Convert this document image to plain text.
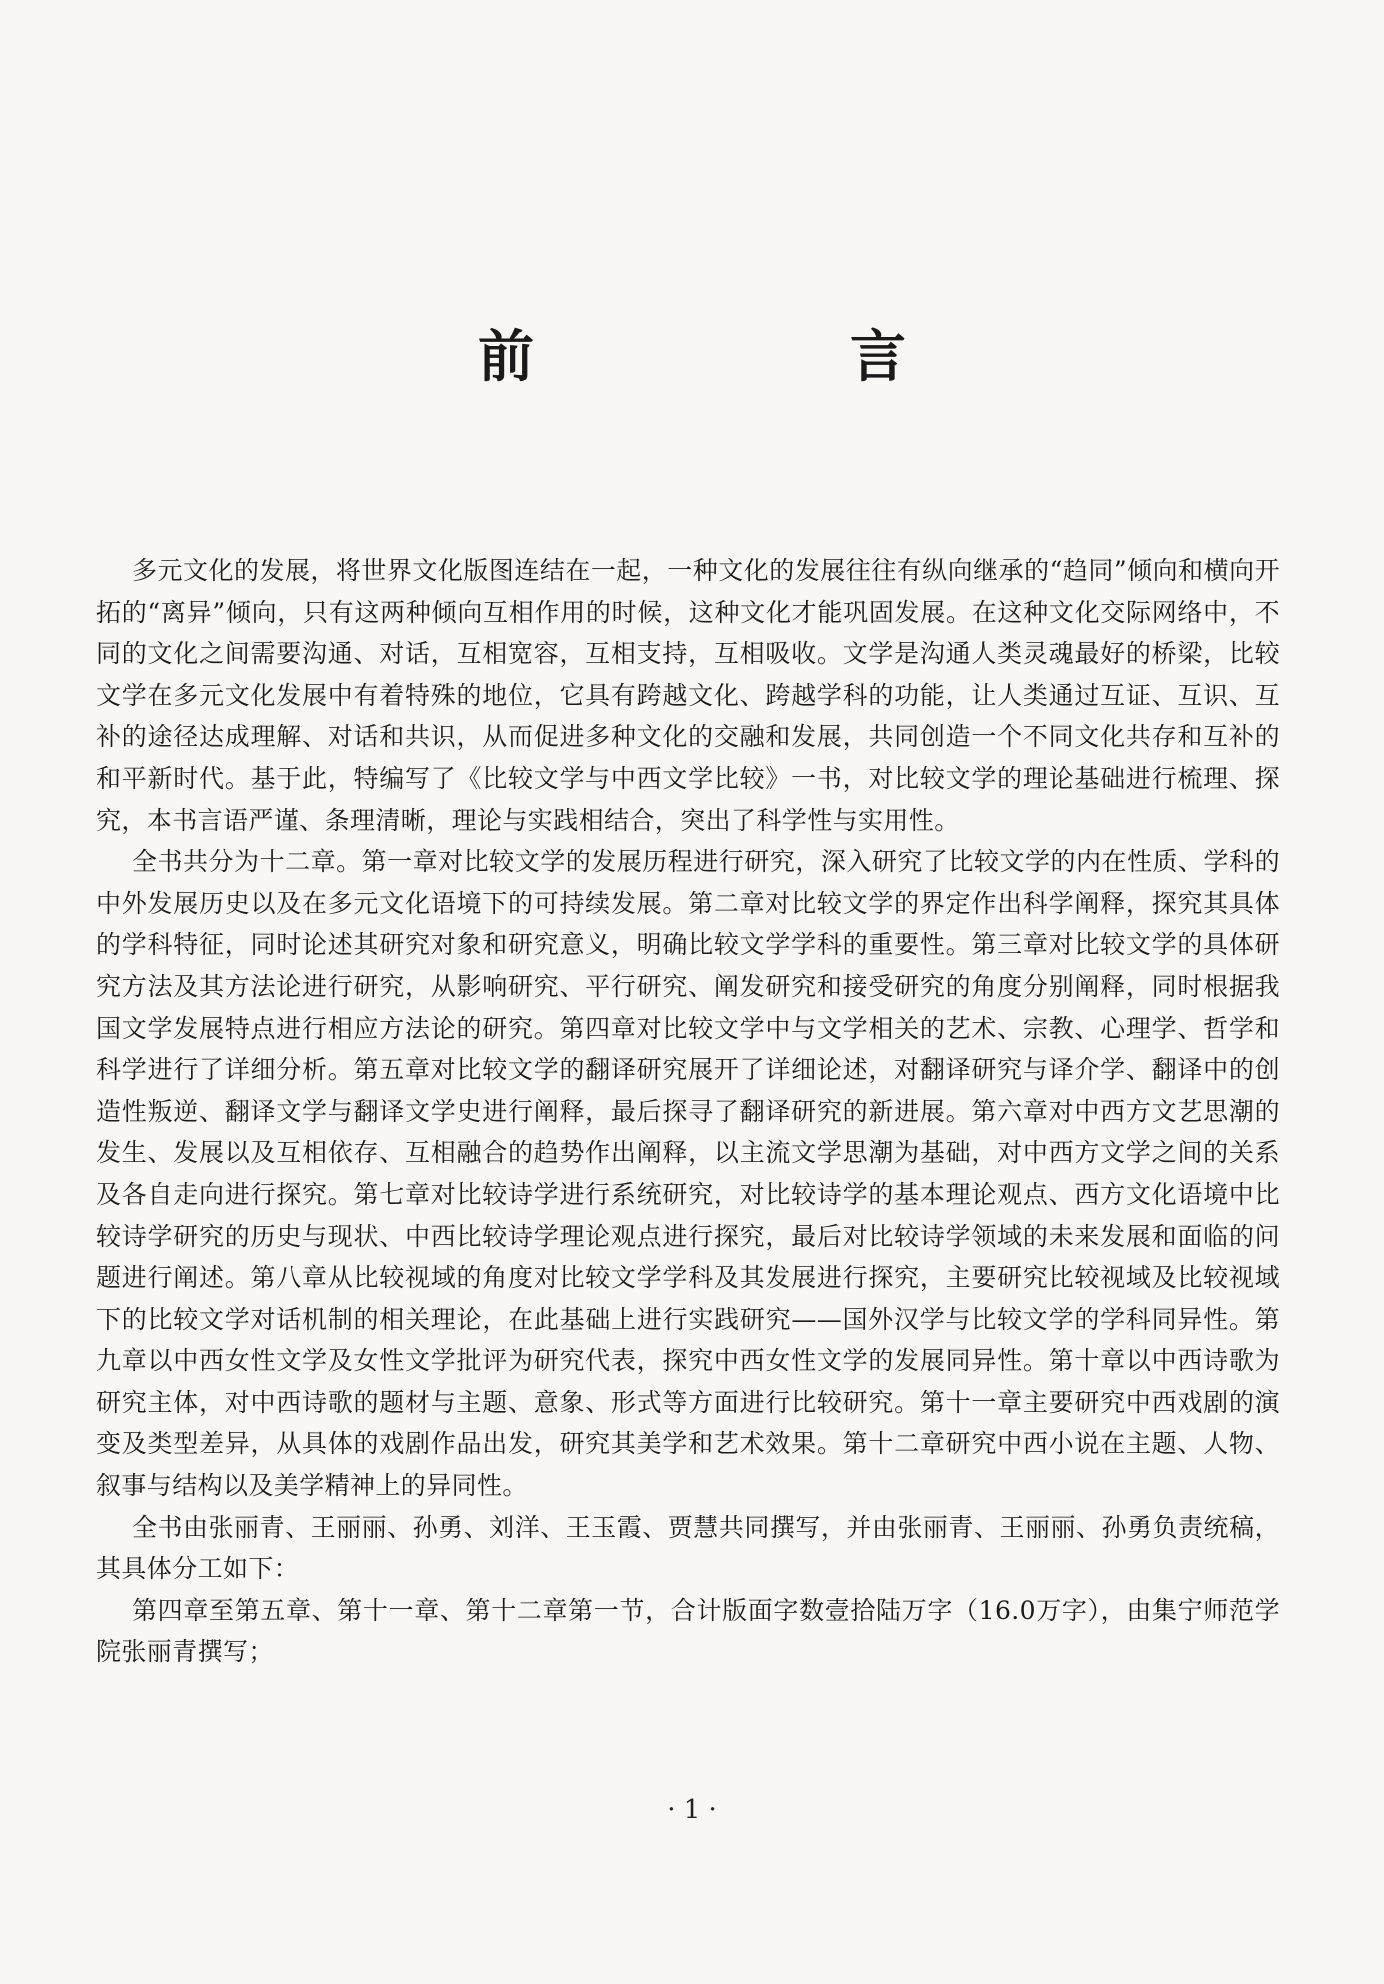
前　言

多元文化的发展，将世界文化版图连结在一起，一种文化的发展往往有纵向继承的“趋同”倾向和横向开拓的“离异”倾向，只有这两种倾向互相作用的时候，这种文化才能巩固发展。在这种文化交际网络中，不同的文化之间需要沟通、对话，互相宽容，互相支持，互相吸收。文学是沟通人类灵魂最好的桥梁，比较文学在多元文化发展中有着特殊的地位，它具有跨越文化、跨越学科的功能，让人类通过互证、互识、互补的途径达成理解、对话和共识，从而促进多种文化的交融和发展，共同创造一个不同文化共存和互补的和平新时代。基于此，特编写了《比较文学与中西文学比较》一书，对比较文学的理论基础进行梳理、探究，本书言语严谨、条理清晰，理论与实践相结合，突出了科学性与实用性。

全书共分为十二章。第一章对比较文学的发展历程进行研究，深入研究了比较文学的内在性质、学科的中外发展历史以及在多元文化语境下的可持续发展。第二章对比较文学的界定作出科学阐释，探究其具体的学科特征，同时论述其研究对象和研究意义，明确比较文学学科的重要性。第三章对比较文学的具体研究方法及其方法论进行研究，从影响研究、平行研究、阐发研究和接受研究的角度分别阐释，同时根据我国文学发展特点进行相应方法论的研究。第四章对比较文学中与文学相关的艺术、宗教、心理学、哲学和科学进行了详细分析。第五章对比较文学的翻译研究展开了详细论述，对翻译研究与译介学、翻译中的创造性叛逆、翻译文学与翻译文学史进行阐释，最后探寻了翻译研究的新进展。第六章对中西方文艺思潮的发生、发展以及互相依存、互相融合的趋势作出阐释，以主流文学思潮为基础，对中西方文学之间的关系及各自走向进行探究。第七章对比较诗学进行系统研究，对比较诗学的基本理论观点、西方文化语境中比较诗学研究的历史与现状、中西比较诗学理论观点进行探究，最后对比较诗学领域的未来发展和面临的问题进行阐述。第八章从比较视域的角度对比较文学学科及其发展进行探究，主要研究比较视域及比较视域下的比较文学对话机制的相关理论，在此基础上进行实践研究——国外汉学与比较文学的学科同异性。第九章以中西女性文学及女性文学批评为研究代表，探究中西女性文学的发展同异性。第十章以中西诗歌为研究主体，对中西诗歌的题材与主题、意象、形式等方面进行比较研究。第十一章主要研究中西戏剧的演变及类型差异，从具体的戏剧作品出发，研究其美学和艺术效果。第十二章研究中西小说在主题、人物、叙事与结构以及美学精神上的异同性。

全书由张丽青、王丽丽、孙勇、刘洋、王玉霞、贾慧共同撰写，并由张丽青、王丽丽、孙勇负责统稿，其具体分工如下：

第四章至第五章、第十一章、第十二章第一节，合计版面字数壹拾陆万字（16.0万字），由集宁师范学院张丽青撰写；

· 1 ·
